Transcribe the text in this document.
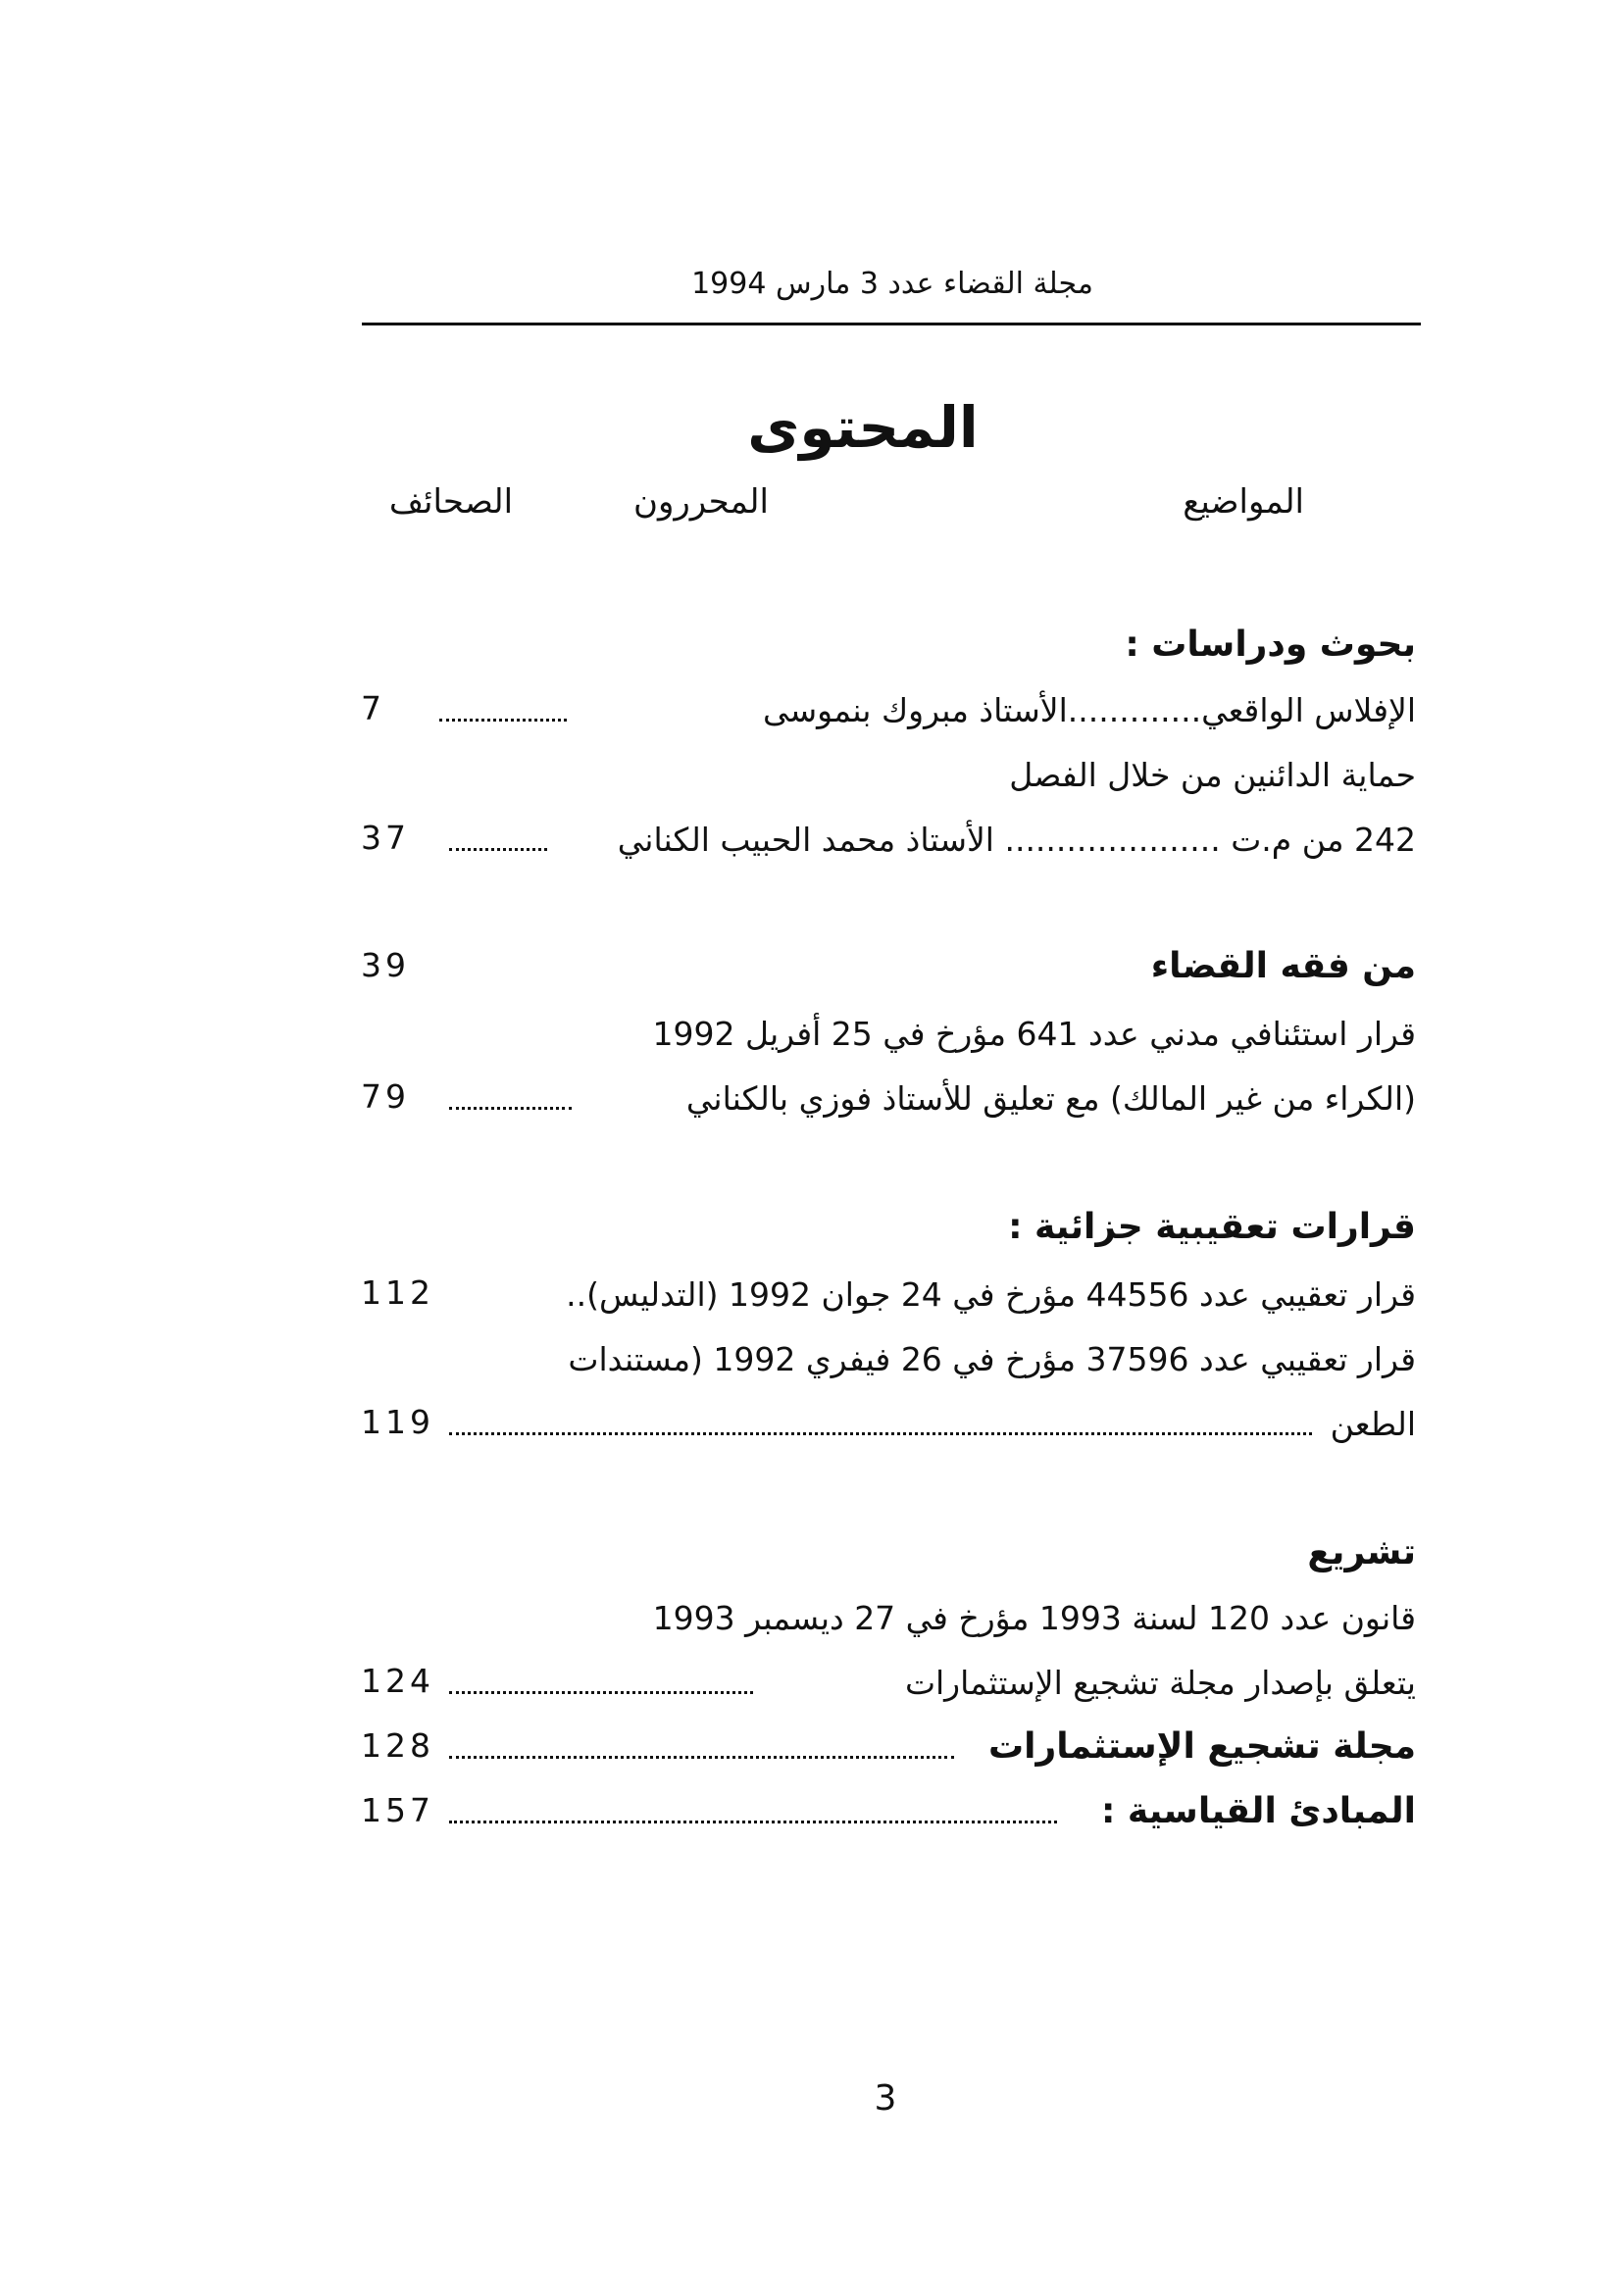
مجلة القضاء عدد 3 مارس 1994
المحتوى
المواضيع
المحررون
الصحائف
بحوث ودراسات :
7	الإفلاس الواقعي.............الأستاذ مبروك بنموسى
حماية الدائنين من خلال الفصل
37	242 من م.ت ..................... الأستاذ محمد الحبيب الكناني
39	من فقه القضاء
قرار استئنافي مدني عدد 641 مؤرخ في 25 أفريل 1992
79	(الكراء من غير المالك) مع تعليق للأستاذ فوزي بالكناني
قرارات تعقيبية جزائية :
112	قرار تعقيبي عدد 44556 مؤرخ في 24 جوان 1992 (التدليس)..
قرار تعقيبي عدد 37596 مؤرخ في 26 فيفري 1992 (مستندات
119	الطعن
تشريع
قانون عدد 120 لسنة 1993 مؤرخ في 27 ديسمبر 1993
124	يتعلق بإصدار مجلة تشجيع الإستثمارات
128	مجلة تشجيع الإستثمارات
157	المبادئ القياسية :
3
